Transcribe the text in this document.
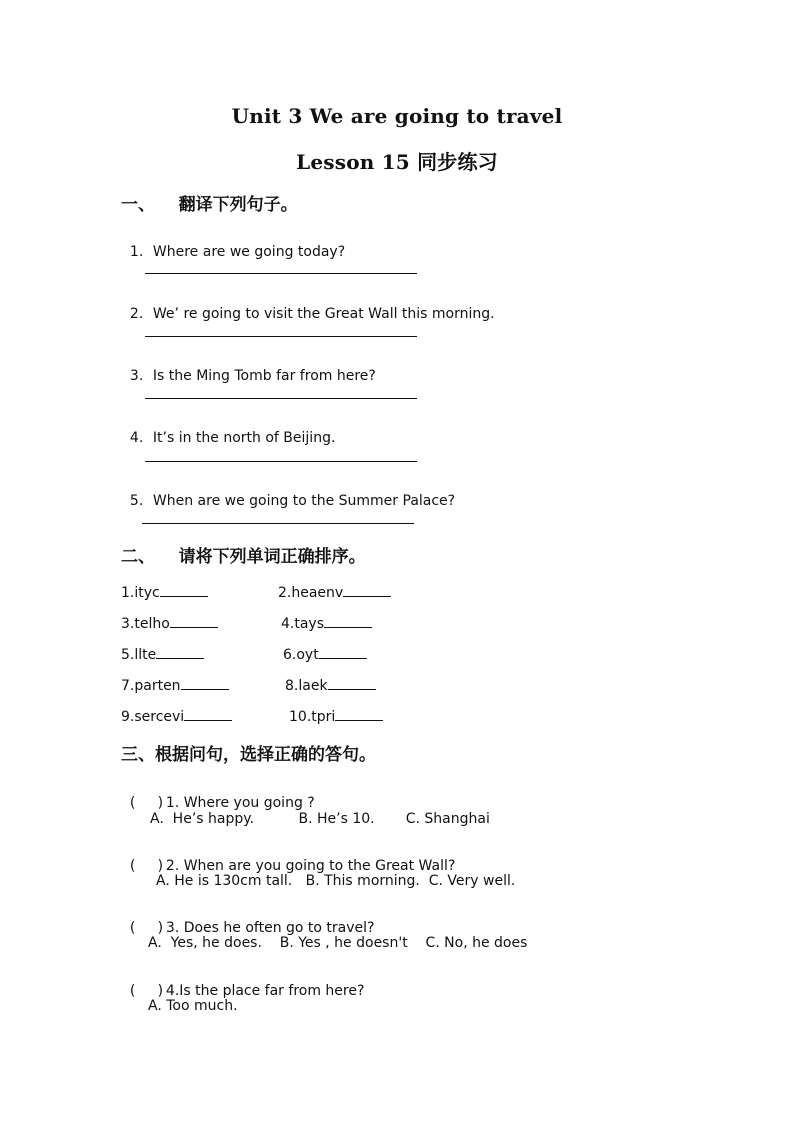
Unit 3 We are going to travel
Lesson 15 同步练习
一、    翻译下列句子。

1. Where are we going today?

2. We’ re going to visit the Great Wall this morning.

3. Is the Ming Tomb far from here?

4. It’s in the north of Beijing.

5. When are we going to the Summer Palace?

二、    请将下列单词正确排序。
1.ityc	2.heaenv
3.telho	4.tays
5.llte	6.oyt
7.parten	8.laek
9.sercevi	10.tpri
三、根据问句，选择正确的答句。

(     ) 1. Where you going ?

A.  He’s happy.          B. He’s 10.       C. Shanghai

(     ) 2. When are you going to the Great Wall?

A. He is 130cm tall.   B. This morning.  C. Very well.

(     ) 3. Does he often go to travel?

A.  Yes, he does.    B. Yes , he doesn't    C. No, he does

(     ) 4.Is the place far from here?

A. Too much.
